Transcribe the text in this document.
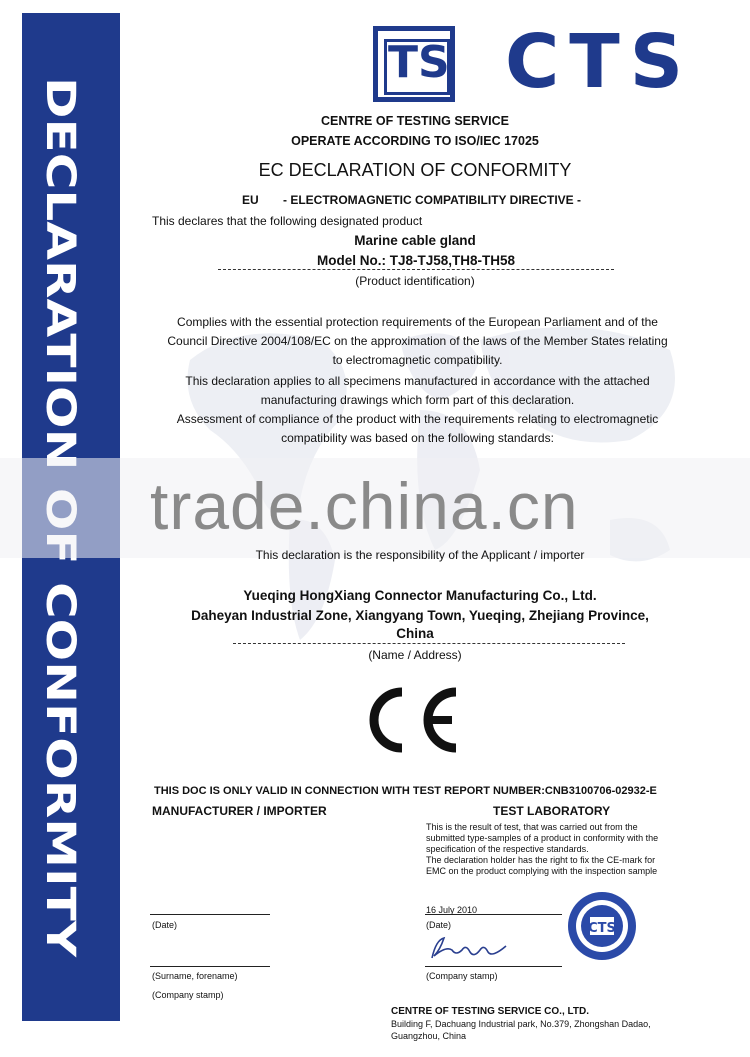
DECLARATION OF CONFORMITY
TS CTS
CENTRE OF TESTING SERVICE
OPERATE ACCORDING TO ISO/IEC 17025
EC DECLARATION OF CONFORMITY
EU - ELECTROMAGNETIC COMPATIBILITY DIRECTIVE -
This declares that the following designated product
Marine cable gland
Model No.: TJ8-TJ58,TH8-TH58
(Product identification)
Complies with the essential protection requirements of the European Parliament and of the
Council Directive 2004/108/EC on the approximation of the laws of the Member States relating
to electromagnetic compatibility.
This declaration applies to all specimens manufactured in accordance with the attached
manufacturing drawings which form part of this declaration.
Assessment of compliance of the product with the requirements relating to electromagnetic
compatibility was based on the following standards:
trade.china.cn
This declaration is the responsibility of the Applicant / importer
Yueqing HongXiang Connector Manufacturing Co., Ltd.
Daheyan Industrial Zone, Xiangyang Town, Yueqing, Zhejiang Province,
China
(Name / Address)
THIS DOC IS ONLY VALID IN CONNECTION WITH TEST REPORT NUMBER:CNB3100706-02932-E
MANUFACTURER / IMPORTER	TEST LABORATORY
This is the result of test, that was carried out from the
submitted type-samples of a product in conformity with the
specification of the respective standards.
The declaration holder has the right to fix the CE-mark for
EMC on the product complying with the inspection sample
(Date)
(Surname, forename)
(Company stamp)
16 July 2010
(Date)
(Company stamp)
CTS
CENTRE OF TESTING SERVICE CO., LTD.
Building F, Dachuang Industrial park, No.379, Zhongshan Dadao,
Guangzhou, China
